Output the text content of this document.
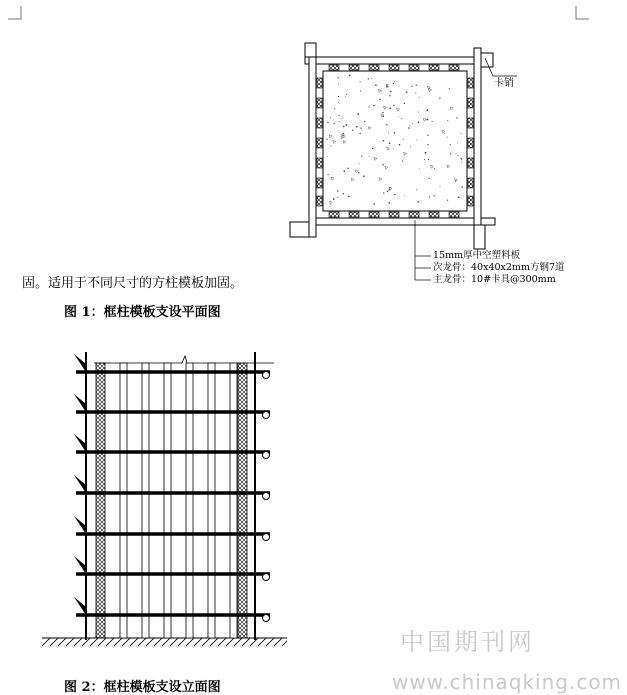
卡销
15mm厚中空塑料板
次龙骨：40x40x2mm方钢7道
主龙骨：10#卡具@300mm
固。适用于不同尺寸的方柱模板加固。
图 1：框柱模板支设平面图
中国期刊网
www.chinaqking.com
图 2：框柱模板支设立面图
